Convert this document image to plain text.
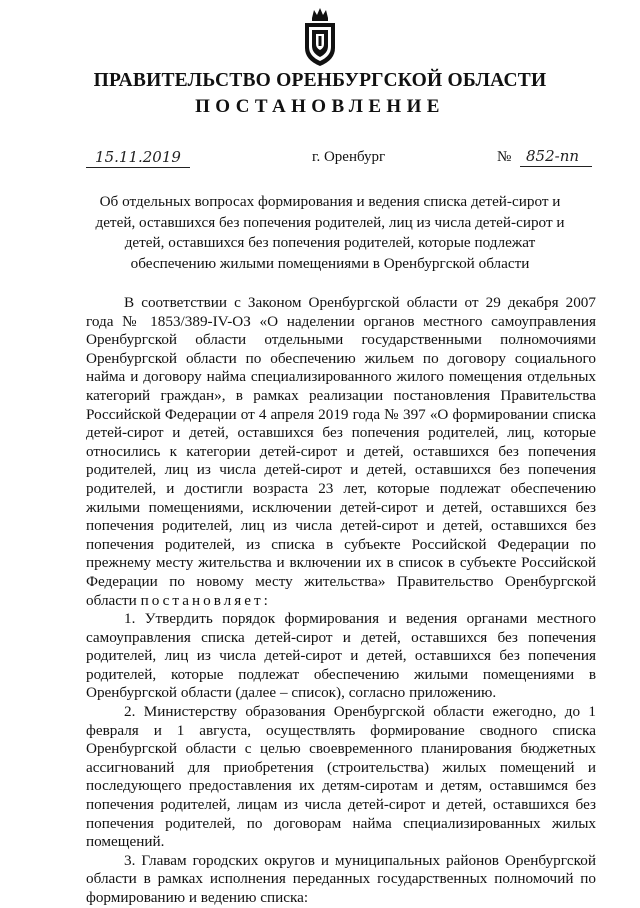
ПРАВИТЕЛЬСТВО ОРЕНБУРГСКОЙ ОБЛАСТИ
ПОСТАНОВЛЕНИЕ
15.11.2019	г. Оренбург	№ 852-пп
Об отдельных вопросах формирования и ведения списка детей-сирот и детей, оставшихся без попечения родителей, лиц из числа детей-сирот и детей, оставшихся без попечения родителей, которые подлежат обеспечению жилыми помещениями в Оренбургской области

В соответствии с Законом Оренбургской области от 29 декабря 2007 года № 1853/389-IV-ОЗ «О наделении органов местного самоуправления Оренбургской области отдельными государственными полномочиями Оренбургской области по обеспечению жильем по договору социального найма и договору найма специализированного жилого помещения отдельных категорий граждан», в рамках реализации постановления Правительства Российской Федерации от 4 апреля 2019 года № 397 «О формировании списка детей-сирот и детей, оставшихся без попечения родителей, лиц, которые относились к категории детей-сирот и детей, оставшихся без попечения родителей, лиц из числа детей-сирот и детей, оставшихся без попечения родителей, и достигли возраста 23 лет, которые подлежат обеспечению жилыми помещениями, исключении детей-сирот и детей, оставшихся без попечения родителей, лиц из числа детей-сирот и детей, оставшихся без попечения родителей, из списка в субъекте Российской Федерации по прежнему месту жительства и включении их в список в субъекте Российской Федерации по новому месту жительства» Правительство Оренбургской области постановляет:

1. Утвердить порядок формирования и ведения органами местного самоуправления списка детей-сирот и детей, оставшихся без попечения родителей, лиц из числа детей-сирот и детей, оставшихся без попечения родителей, которые подлежат обеспечению жилыми помещениями в Оренбургской области (далее – список), согласно приложению.

2. Министерству образования Оренбургской области ежегодно, до 1 февраля и 1 августа, осуществлять формирование сводного списка Оренбургской области с целью своевременного планирования бюджетных ассигнований для приобретения (строительства) жилых помещений и последующего предоставления их детям-сиротам и детям, оставшимся без попечения родителей, лицам из числа детей-сирот и детей, оставшихся без попечения родителей, по договорам найма специализированных жилых помещений.

3. Главам городских округов и муниципальных районов Оренбургской области в рамках исполнения переданных государственных полномочий по формированию и ведению списка:
